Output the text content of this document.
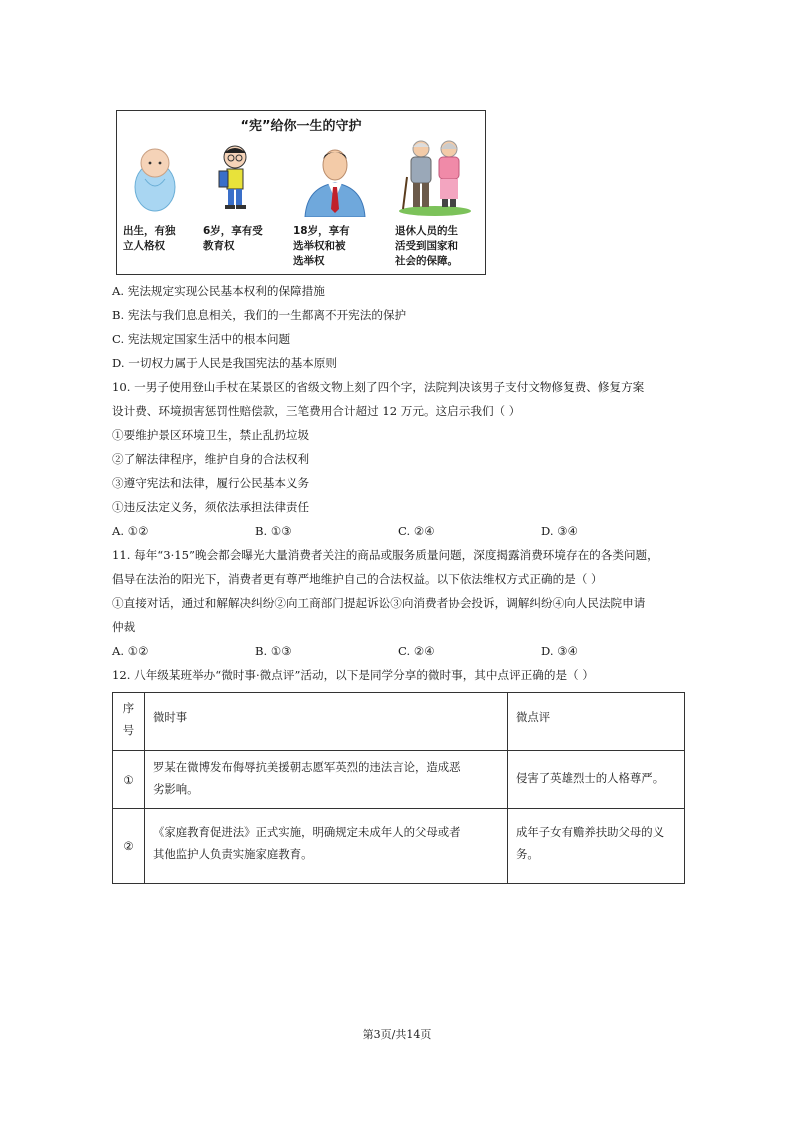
“宪”给你一生的守护
出生，有独
立人格权
6岁，享有受
教育权
18岁，享有
选举权和被
选举权
退休人员的生
活受到国家和
社会的保障。
A. 宪法规定实现公民基本权利的保障措施
B. 宪法与我们息息相关，我们的一生都离不开宪法的保护
C. 宪法规定国家生活中的根本问题
D. 一切权力属于人民是我国宪法的基本原则
10. 一男子使用登山手杖在某景区的省级文物上刻了四个字，法院判决该男子支付文物修复费、修复方案
设计费、环境损害惩罚性赔偿款，三笔费用合计超过 12 万元。这启示我们（ ）
①要维护景区环境卫生，禁止乱扔垃圾
②了解法律程序，维护自身的合法权利
③遵守宪法和法律，履行公民基本义务
①违反法定义务，须依法承担法律责任
A. ①②	B. ①③	C. ②④	D. ③④
11. 每年“3·15”晚会都会曝光大量消费者关注的商品或服务质量问题，深度揭露消费环境存在的各类问题，
倡导在法治的阳光下，消费者更有尊严地维护自己的合法权益。以下依法维权方式正确的是（ ）
①直接对话，通过和解解决纠纷②向工商部门提起诉讼③向消费者协会投诉，调解纠纷④向人民法院申请
仲裁
A. ①②	B. ①③	C. ②④	D. ③④
12. 八年级某班举办“微时事·微点评”活动，以下是同学分享的微时事，其中点评正确的是（ ）
序
号	微时事	微点评
①	罗某在微博发布侮辱抗美援朝志愿军英烈的违法言论，造成恶
劣影响。	侵害了英雄烈士的人格尊严。
②	《家庭教育促进法》正式实施，明确规定未成年人的父母或者
其他监护人负责实施家庭教育。	成年子女有赡养扶助父母的义
务。
第3页/共14页
